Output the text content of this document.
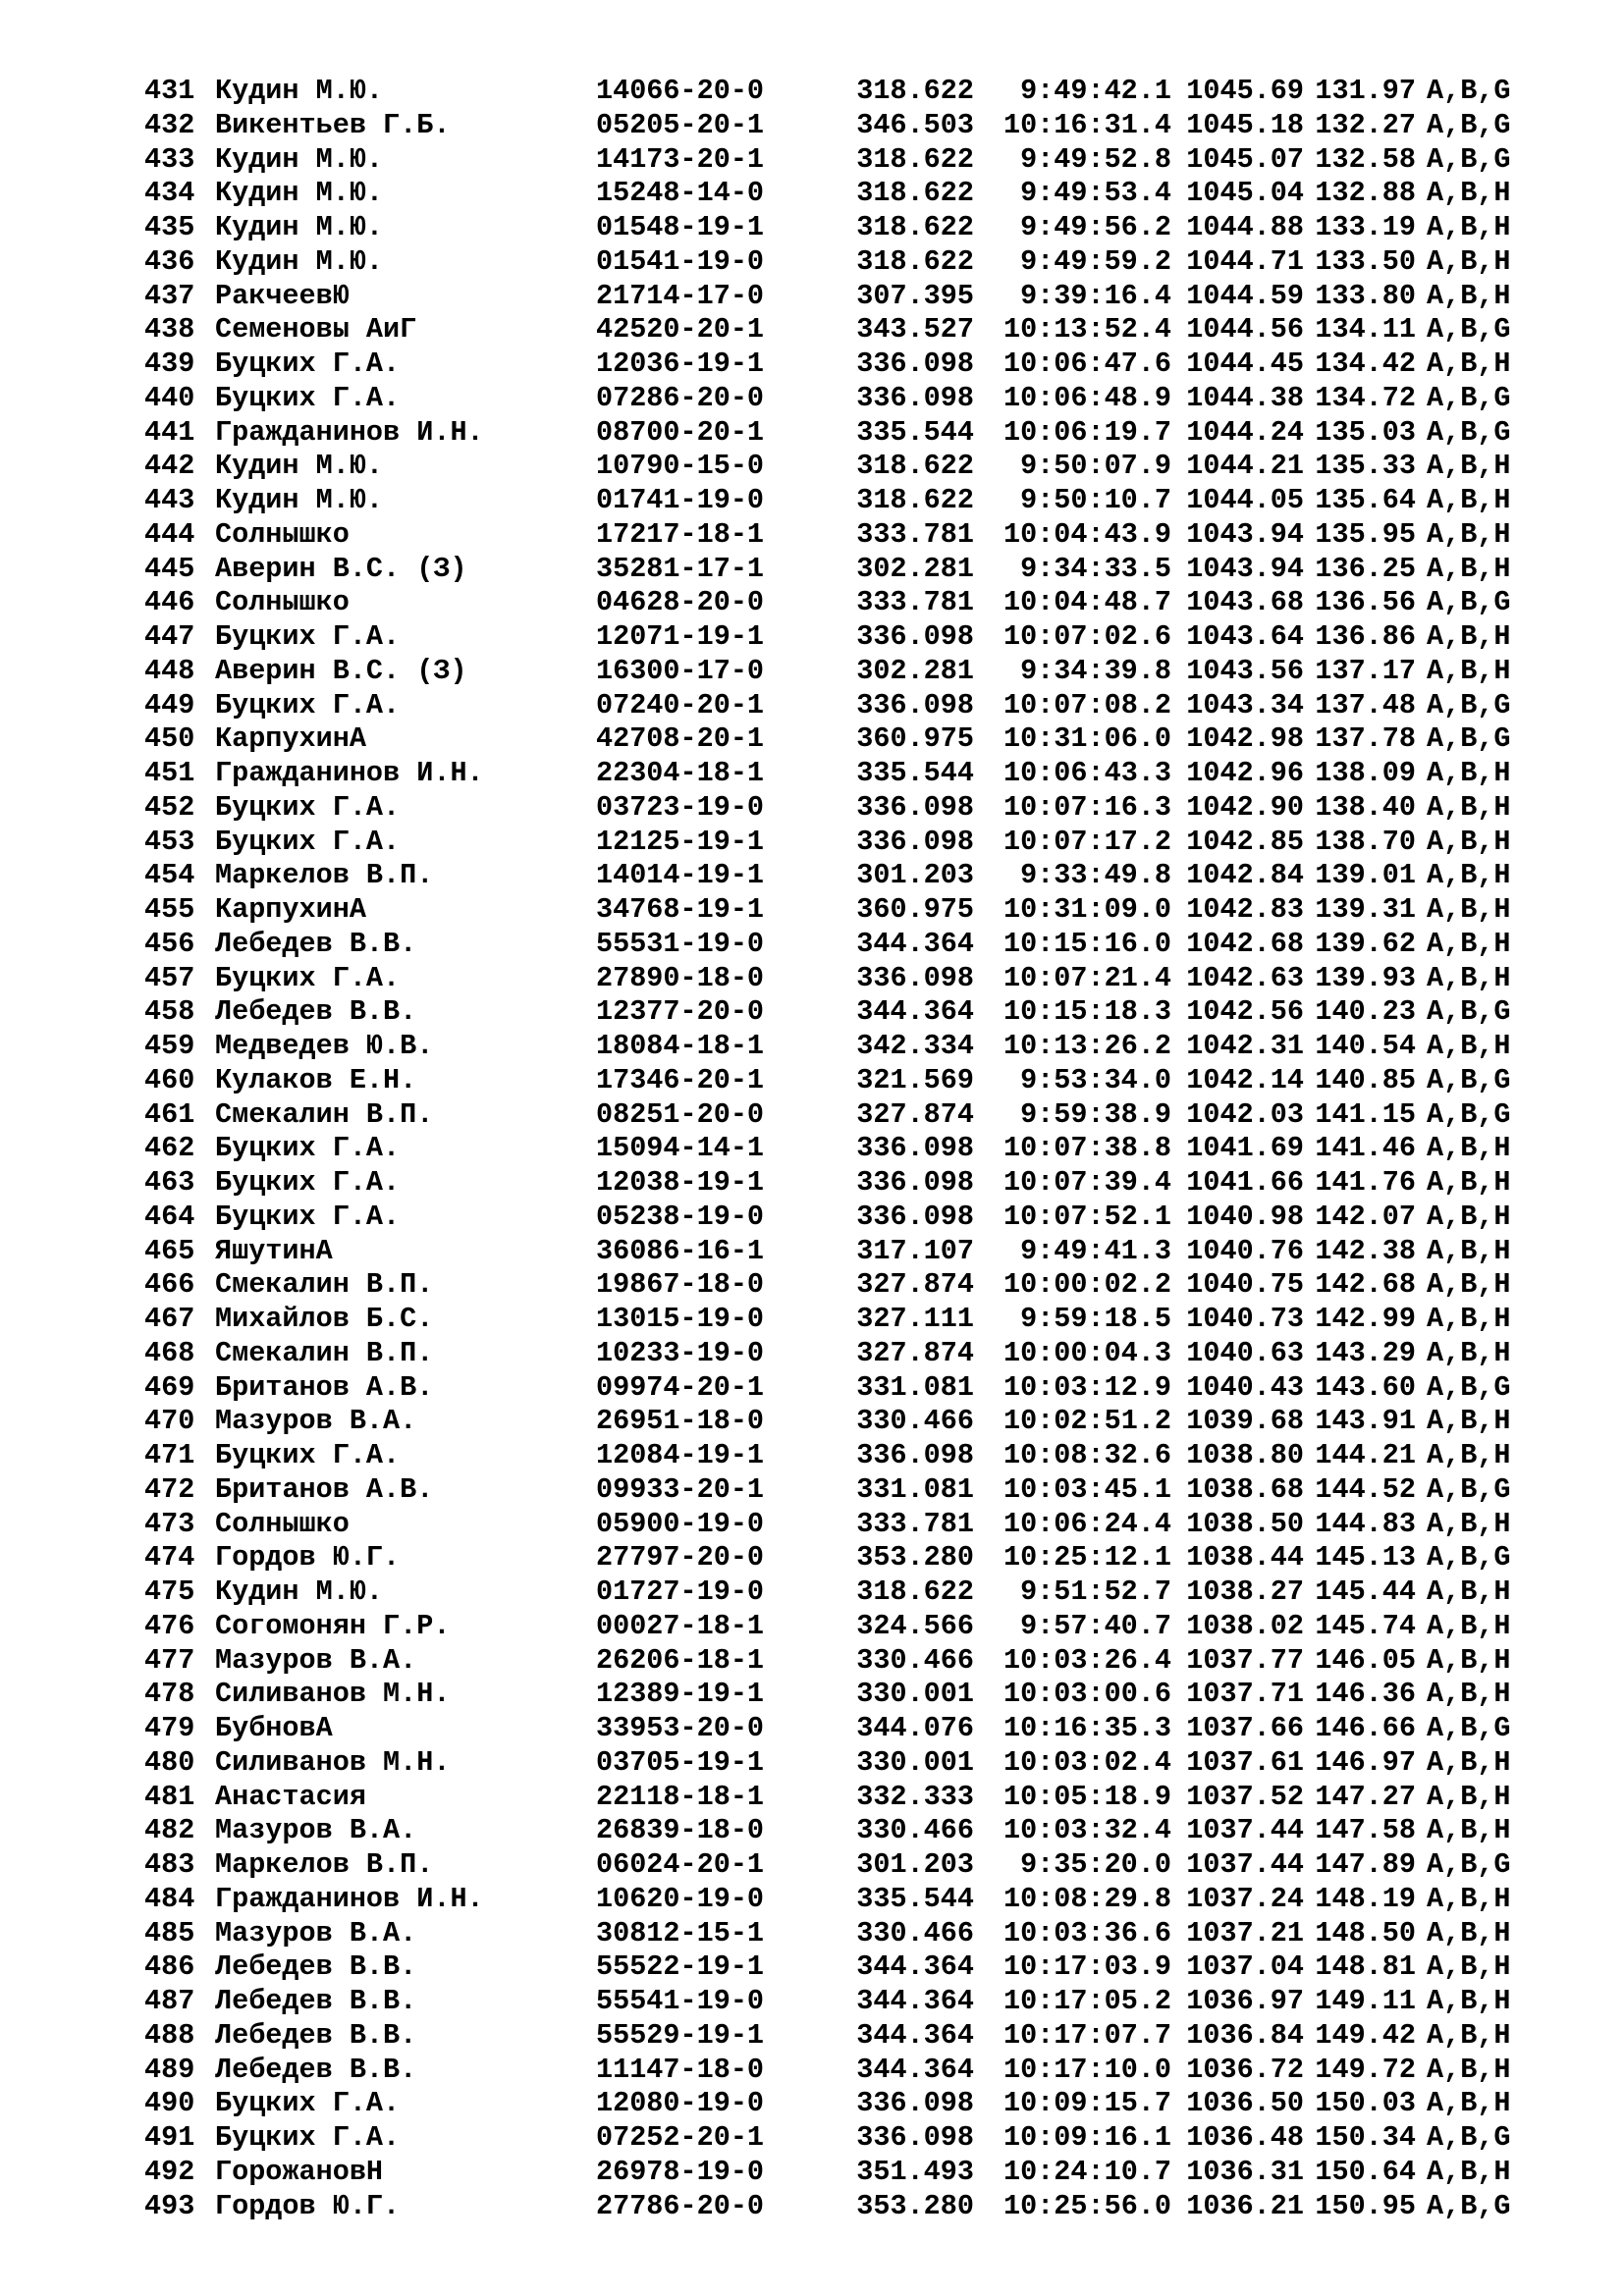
431 Кудин М.Ю.	14066-20-0	318.622	9:49:42.1 1045.69 131.97 A,B,G
432 Викентьев Г.Б.	05205-20-1	346.503	10:16:31.4 1045.18 132.27 A,B,G
433 Кудин М.Ю.	14173-20-1	318.622	9:49:52.8 1045.07 132.58 A,B,G
434 Кудин М.Ю.	15248-14-0	318.622	9:49:53.4 1045.04 132.88 A,B,H
435 Кудин М.Ю.	01548-19-1	318.622	9:49:56.2 1044.88 133.19 A,B,H
436 Кудин М.Ю.	01541-19-0	318.622	9:49:59.2 1044.71 133.50 A,B,H
437 РакчеевЮ	21714-17-0	307.395	9:39:16.4 1044.59 133.80 A,B,H
438 Семеновы АиГ	42520-20-1	343.527	10:13:52.4 1044.56 134.11 A,B,G
439 Буцких Г.А.	12036-19-1	336.098	10:06:47.6 1044.45 134.42 A,B,H
440 Буцких Г.А.	07286-20-0	336.098	10:06:48.9 1044.38 134.72 A,B,G
441 Гражданинов И.Н.	08700-20-1	335.544	10:06:19.7 1044.24 135.03 A,B,G
442 Кудин М.Ю.	10790-15-0	318.622	9:50:07.9 1044.21 135.33 A,B,H
443 Кудин М.Ю.	01741-19-0	318.622	9:50:10.7 1044.05 135.64 A,B,H
444 Солнышко	17217-18-1	333.781	10:04:43.9 1043.94 135.95 A,B,H
445 Аверин В.С. (З)	35281-17-1	302.281	9:34:33.5 1043.94 136.25 A,B,H
446 Солнышко	04628-20-0	333.781	10:04:48.7 1043.68 136.56 A,B,G
447 Буцких Г.А.	12071-19-1	336.098	10:07:02.6 1043.64 136.86 A,B,H
448 Аверин В.С. (З)	16300-17-0	302.281	9:34:39.8 1043.56 137.17 A,B,H
449 Буцких Г.А.	07240-20-1	336.098	10:07:08.2 1043.34 137.48 A,B,G
450 КарпухинА	42708-20-1	360.975	10:31:06.0 1042.98 137.78 A,B,G
451 Гражданинов И.Н.	22304-18-1	335.544	10:06:43.3 1042.96 138.09 A,B,H
452 Буцких Г.А.	03723-19-0	336.098	10:07:16.3 1042.90 138.40 A,B,H
453 Буцких Г.А.	12125-19-1	336.098	10:07:17.2 1042.85 138.70 A,B,H
454 Маркелов В.П.	14014-19-1	301.203	9:33:49.8 1042.84 139.01 A,B,H
455 КарпухинА	34768-19-1	360.975	10:31:09.0 1042.83 139.31 A,B,H
456 Лебедев В.В.	55531-19-0	344.364	10:15:16.0 1042.68 139.62 A,B,H
457 Буцких Г.А.	27890-18-0	336.098	10:07:21.4 1042.63 139.93 A,B,H
458 Лебедев В.В.	12377-20-0	344.364	10:15:18.3 1042.56 140.23 A,B,G
459 Медведев Ю.В.	18084-18-1	342.334	10:13:26.2 1042.31 140.54 A,B,H
460 Кулаков Е.Н.	17346-20-1	321.569	9:53:34.0 1042.14 140.85 A,B,G
461 Смекалин В.П.	08251-20-0	327.874	9:59:38.9 1042.03 141.15 A,B,G
462 Буцких Г.А.	15094-14-1	336.098	10:07:38.8 1041.69 141.46 A,B,H
463 Буцких Г.А.	12038-19-1	336.098	10:07:39.4 1041.66 141.76 A,B,H
464 Буцких Г.А.	05238-19-0	336.098	10:07:52.1 1040.98 142.07 A,B,H
465 ЯшутинА	36086-16-1	317.107	9:49:41.3 1040.76 142.38 A,B,H
466 Смекалин В.П.	19867-18-0	327.874	10:00:02.2 1040.75 142.68 A,B,H
467 Михайлов Б.С.	13015-19-0	327.111	9:59:18.5 1040.73 142.99 A,B,H
468 Смекалин В.П.	10233-19-0	327.874	10:00:04.3 1040.63 143.29 A,B,H
469 Британов А.В.	09974-20-1	331.081	10:03:12.9 1040.43 143.60 A,B,G
470 Мазуров В.А.	26951-18-0	330.466	10:02:51.2 1039.68 143.91 A,B,H
471 Буцких Г.А.	12084-19-1	336.098	10:08:32.6 1038.80 144.21 A,B,H
472 Британов А.В.	09933-20-1	331.081	10:03:45.1 1038.68 144.52 A,B,G
473 Солнышко	05900-19-0	333.781	10:06:24.4 1038.50 144.83 A,B,H
474 Гордов Ю.Г.	27797-20-0	353.280	10:25:12.1 1038.44 145.13 A,B,G
475 Кудин М.Ю.	01727-19-0	318.622	9:51:52.7 1038.27 145.44 A,B,H
476 Согомонян Г.Р.	00027-18-1	324.566	9:57:40.7 1038.02 145.74 A,B,H
477 Мазуров В.А.	26206-18-1	330.466	10:03:26.4 1037.77 146.05 A,B,H
478 Силиванов М.Н.	12389-19-1	330.001	10:03:00.6 1037.71 146.36 A,B,H
479 БубновА	33953-20-0	344.076	10:16:35.3 1037.66 146.66 A,B,G
480 Силиванов М.Н.	03705-19-1	330.001	10:03:02.4 1037.61 146.97 A,B,H
481 Анастасия	22118-18-1	332.333	10:05:18.9 1037.52 147.27 A,B,H
482 Мазуров В.А.	26839-18-0	330.466	10:03:32.4 1037.44 147.58 A,B,H
483 Маркелов В.П.	06024-20-1	301.203	9:35:20.0 1037.44 147.89 A,B,G
484 Гражданинов И.Н.	10620-19-0	335.544	10:08:29.8 1037.24 148.19 A,B,H
485 Мазуров В.А.	30812-15-1	330.466	10:03:36.6 1037.21 148.50 A,B,H
486 Лебедев В.В.	55522-19-1	344.364	10:17:03.9 1037.04 148.81 A,B,H
487 Лебедев В.В.	55541-19-0	344.364	10:17:05.2 1036.97 149.11 A,B,H
488 Лебедев В.В.	55529-19-1	344.364	10:17:07.7 1036.84 149.42 A,B,H
489 Лебедев В.В.	11147-18-0	344.364	10:17:10.0 1036.72 149.72 A,B,H
490 Буцких Г.А.	12080-19-0	336.098	10:09:15.7 1036.50 150.03 A,B,H
491 Буцких Г.А.	07252-20-1	336.098	10:09:16.1 1036.48 150.34 A,B,G
492 ГорожановН	26978-19-0	351.493	10:24:10.7 1036.31 150.64 A,B,H
493 Гордов Ю.Г.	27786-20-0	353.280	10:25:56.0 1036.21 150.95 A,B,G
